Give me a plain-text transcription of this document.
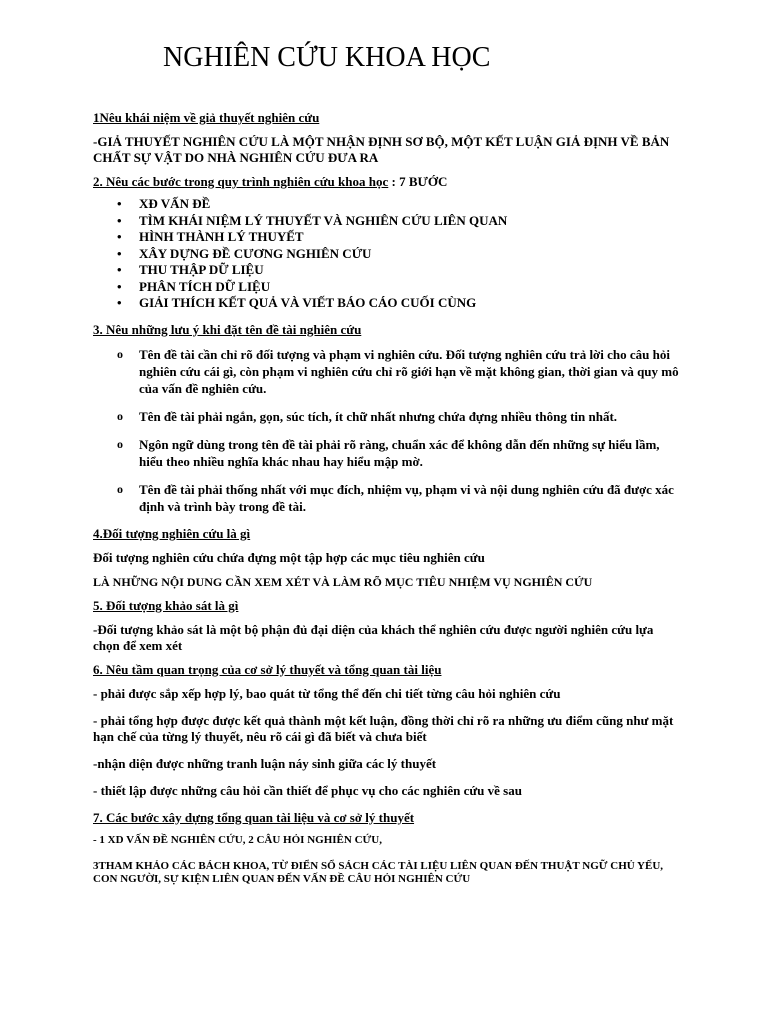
NGHIÊN CỨU KHOA HỌC

1Nêu khái niệm về giả thuyết nghiên cứu

-GIẢ THUYẾT NGHIÊN CỨU LÀ MỘT NHẬN ĐỊNH SƠ BỘ, MỘT KẾT LUẬN GIẢ ĐỊNH VỀ BẢN CHẤT SỰ VẬT DO NHÀ NGHIÊN CỨU ĐƯA RA

2. Nêu các bước trong quy trình nghiên cứu khoa học : 7 BƯỚC

• XĐ VẤN ĐỀ
• TÌM KHÁI NIỆM LÝ THUYẾT VÀ NGHIÊN CỨU LIÊN QUAN
• HÌNH THÀNH LÝ THUYẾT
• XÂY DỰNG ĐỀ CƯƠNG NGHIÊN CỨU
• THU THẬP DỮ LIỆU
• PHÂN TÍCH DỮ LIỆU
• GIẢI THÍCH KẾT QUẢ VÀ VIẾT BÁO CÁO CUỐI CÙNG

3. Nêu những lưu ý khi đặt tên đề tài nghiên cứu

o Tên đề tài cần chỉ rõ đối tượng và phạm vi nghiên cứu. Đối tượng nghiên cứu trả lời cho câu hỏi nghiên cứu cái gì, còn phạm vi nghiên cứu chỉ rõ giới hạn về mặt không gian, thời gian và quy mô của vấn đề nghiên cứu.
o Tên đề tài phải ngắn, gọn, súc tích, ít chữ nhất nhưng chứa đựng nhiều thông tin nhất.
o Ngôn ngữ dùng trong tên đề tài phải rõ ràng, chuẩn xác để không dẫn đến những sự hiểu lầm, hiểu theo nhiều nghĩa khác nhau hay hiểu mập mờ.
o Tên đề tài phải thống nhất với mục đích, nhiệm vụ, phạm vi và nội dung nghiên cứu đã được xác định và trình bày trong đề tài.

4.Đối tượng nghiên cứu là gì

Đối tượng nghiên cứu chứa đựng một tập hợp các mục tiêu nghiên cứu

LÀ NHỮNG NỘI DUNG CẦN XEM XÉT VÀ LÀM RÕ MỤC TIÊU NHIỆM VỤ NGHIÊN CỨU

5. Đối tượng khảo sát là gì

-Đối tượng khảo sát là một bộ phận đủ đại diện của khách thể nghiên cứu được người nghiên cứu lựa chọn để xem xét

6. Nêu tầm quan trọng của cơ sở lý thuyết và tổng quan tài liệu

- phải được sắp xếp hợp lý, bao quát từ tổng thể đến chi tiết từng câu hỏi nghiên cứu

- phải tổng hợp được được kết quả thành một kết luận, đồng thời chỉ rõ ra những ưu điểm cũng như mặt hạn chế của từng lý thuyết, nêu rõ cái gì đã biết và chưa biết

-nhận diện được những tranh luận náy sinh giữa các lý thuyết

- thiết lập được những câu hỏi cần thiết để phục vụ cho các nghiên cứu về sau

7. Các bước xây dựng tổng quan tài liệu và cơ sở lý thuyết

- 1 XD VẤN ĐỀ NGHIÊN CỨU, 2 CÂU HỎI NGHIÊN CỨU,

3THAM KHẢO CÁC BÁCH KHOA, TỪ ĐIỂN SỔ SÁCH CÁC TÀI LIỆU LIÊN QUAN ĐẾN THUẬT NGỮ CHỦ YẾU, CON NGƯỜI, SỰ KIỆN LIÊN QUAN ĐẾN VẤN ĐỀ CÂU HỎI NGHIÊN CỨU
